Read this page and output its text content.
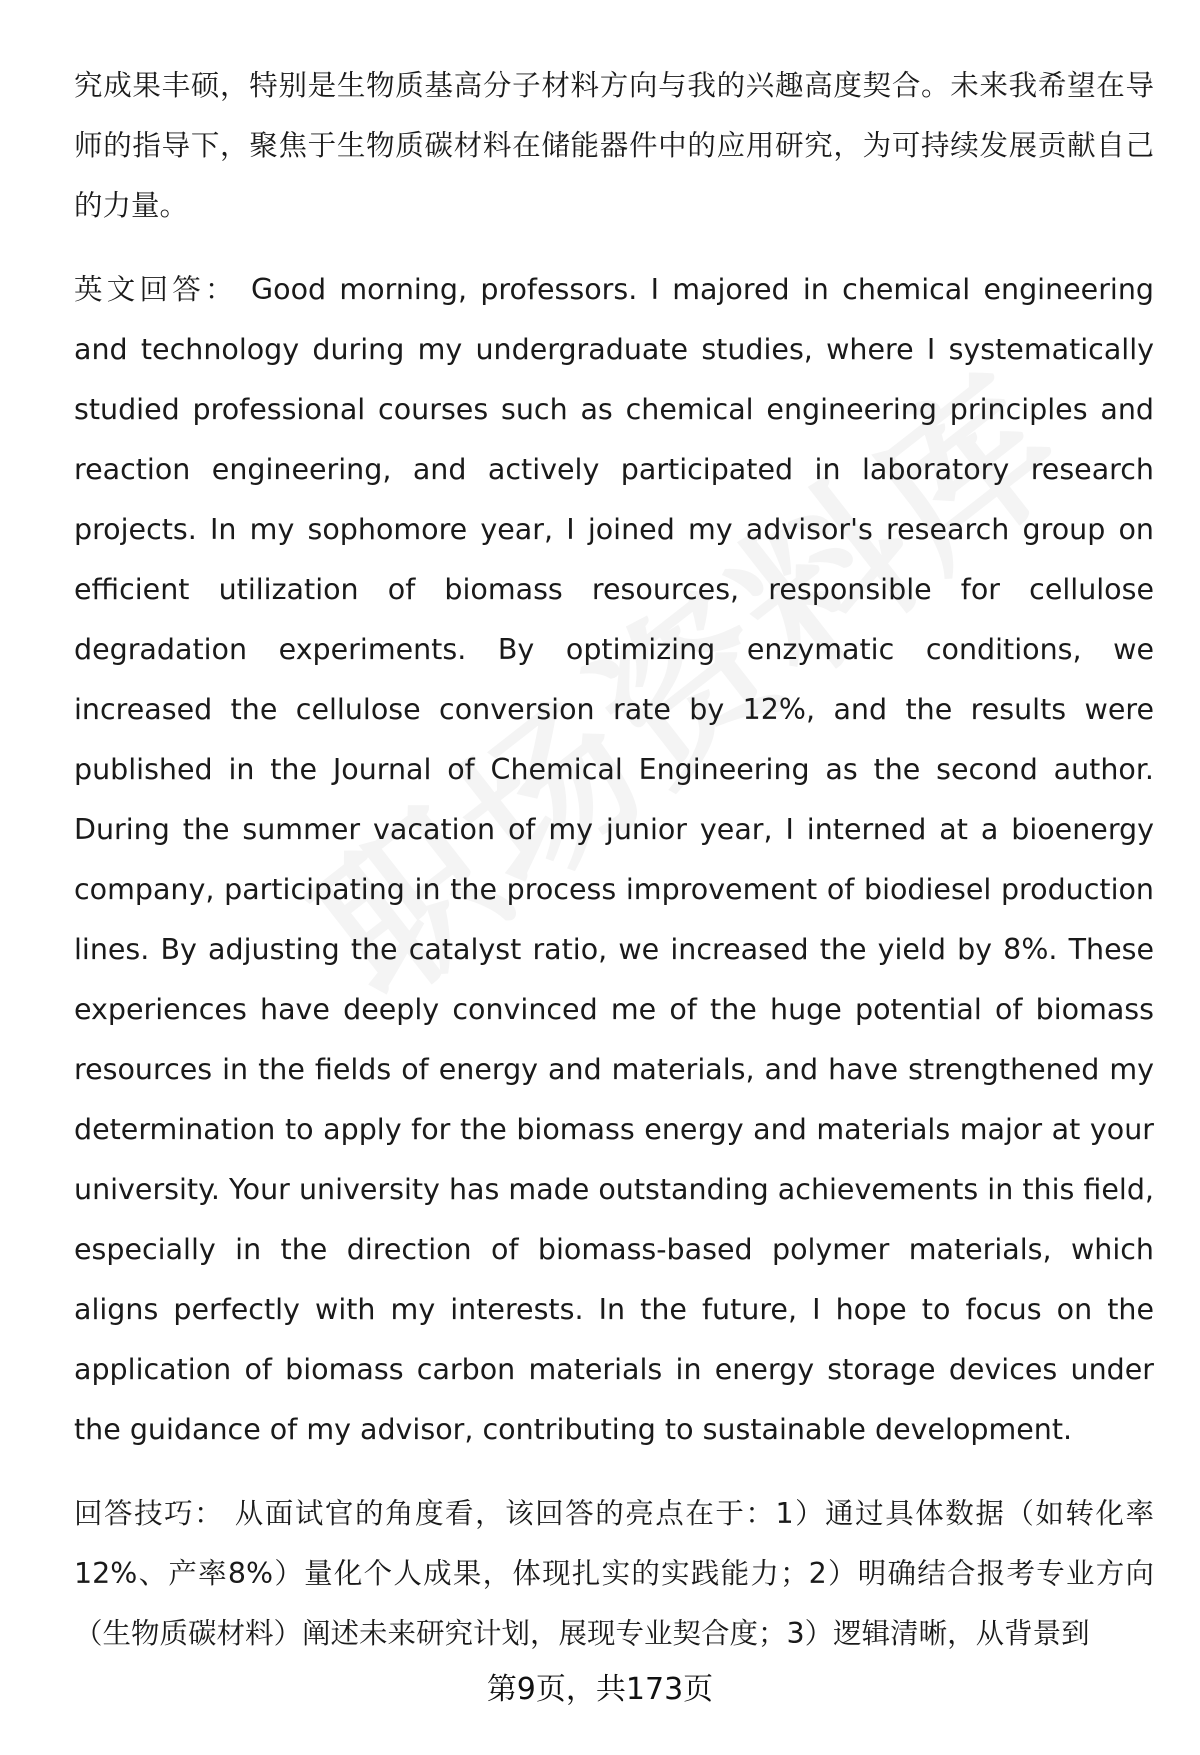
究成果丰硕，特别是生物质基高分子材料方向与我的兴趣高度契合。未来我希望在导师的指导下，聚焦于生物质碳材料在储能器件中的应用研究，为可持续发展贡献自己的力量。

英文回答： Good morning, professors. I majored in chemical engineering and technology during my undergraduate studies, where I systematically studied professional courses such as chemical engineering principles and reaction engineering, and actively participated in laboratory research projects. In my sophomore year, I joined my advisor's research group on efficient utilization of biomass resources, responsible for cellulose degradation experiments. By optimizing enzymatic conditions, we increased the cellulose conversion rate by 12%, and the results were published in the Journal of Chemical Engineering as the second author. During the summer vacation of my junior year, I interned at a bioenergy company, participating in the process improvement of biodiesel production lines. By adjusting the catalyst ratio, we increased the yield by 8%. These experiences have deeply convinced me of the huge potential of biomass resources in the fields of energy and materials, and have strengthened my determination to apply for the biomass energy and materials major at your university. Your university has made outstanding achievements in this field, especially in the direction of biomass-based polymer materials, which aligns perfectly with my interests. In the future, I hope to focus on the application of biomass carbon materials in energy storage devices under the guidance of my advisor, contributing to sustainable development.

回答技巧： 从面试官的角度看，该回答的亮点在于：1）通过具体数据（如转化率12%、产率8%）量化个人成果，体现扎实的实践能力；2）明确结合报考专业方向（生物质碳材料）阐述未来研究计划，展现专业契合度；3）逻辑清晰，从背景到

第9页，共173页
